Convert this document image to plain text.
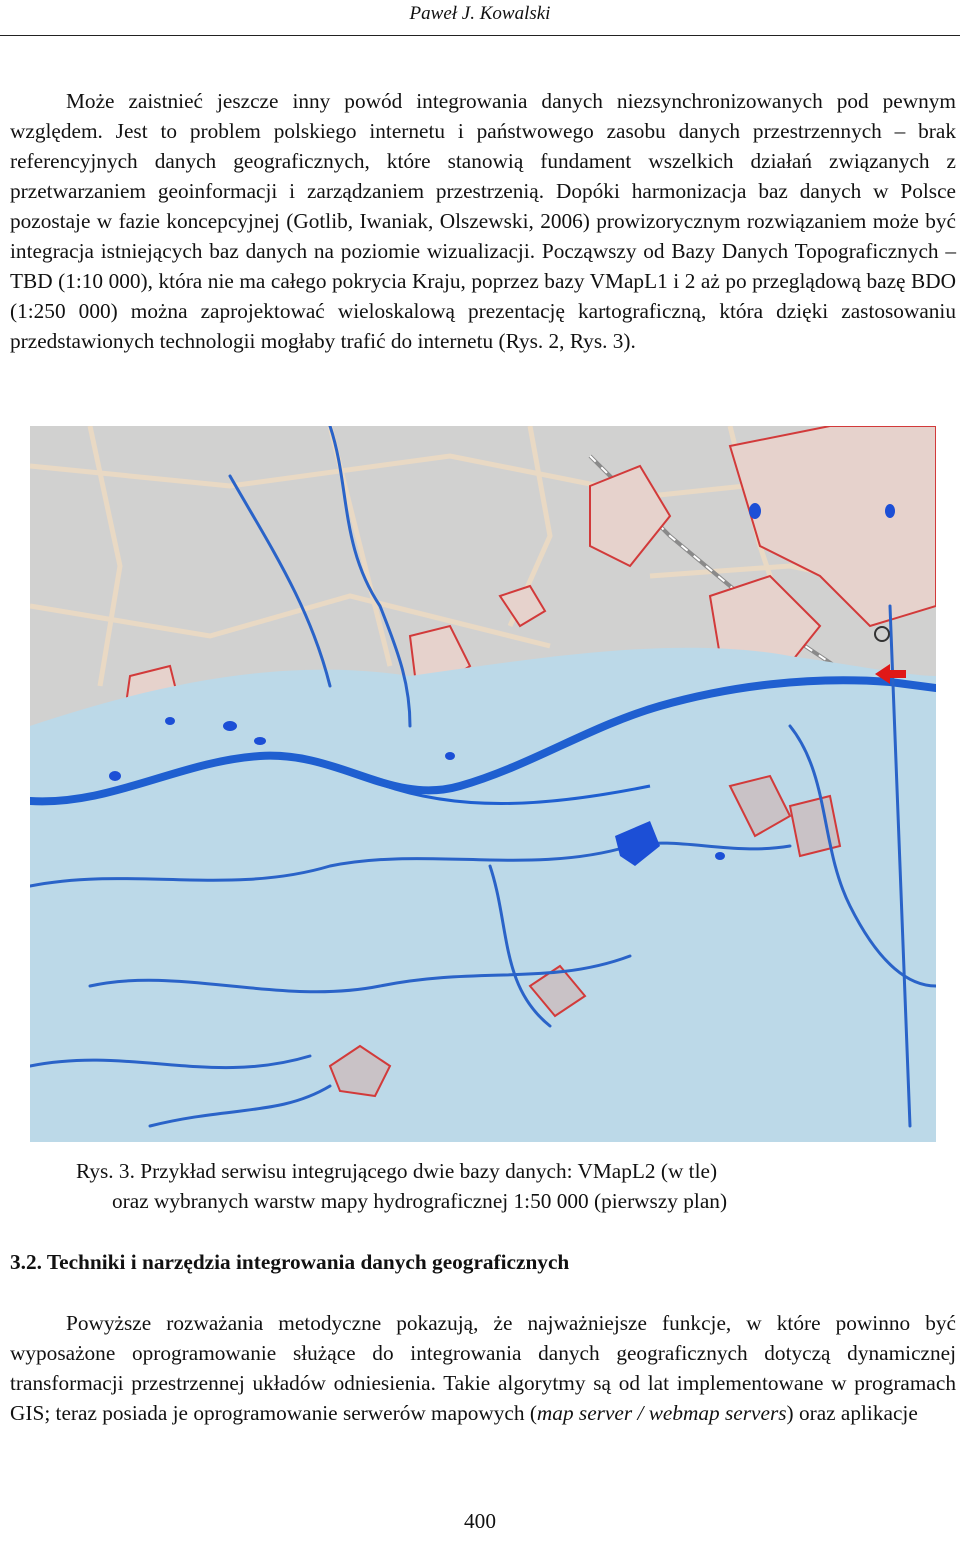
Paweł J. Kowalski

Może zaistnieć jeszcze inny powód integrowania danych niezsynchronizowanych pod pewnym względem. Jest to problem polskiego internetu i państwowego zasobu danych przestrzennych – brak referencyjnych danych geograficznych, które stanowią fundament wszelkich działań związanych z przetwarzaniem geoinformacji i zarządzaniem przestrzenią. Dopóki harmonizacja baz danych w Polsce pozostaje w fazie koncepcyjnej (Gotlib, Iwaniak, Olszewski, 2006) prowizorycznym rozwiązaniem może być integracja istniejących baz danych na poziomie wizualizacji. Począwszy od Bazy Danych Topograficznych – TBD (1:10 000), która nie ma całego pokrycia Kraju, poprzez bazy VMapL1 i 2 aż po przeglądową bazę BDO (1:250 000) można zaprojektować wieloskalową prezentację kartograficzną, która dzięki zastosowaniu przedstawionych technologii mogłaby trafić do internetu (Rys. 2, Rys. 3).

Rys. 3. Przykład serwisu integrującego dwie bazy danych: VMapL2 (w tle)
oraz wybranych warstw mapy hydrograficznej 1:50 000 (pierwszy plan)
3.2. Techniki i narzędzia integrowania danych geograficznych

Powyższe rozważania metodyczne pokazują, że najważniejsze funkcje, w które powinno być wyposażone oprogramowanie służące do integrowania danych geograficznych dotyczą dynamicznej transformacji przestrzennej układów odniesienia. Takie algorytmy są od lat implementowane w programach GIS; teraz posiada je oprogramowanie serwerów mapowych (map server / webmap servers) oraz aplikacje

400
